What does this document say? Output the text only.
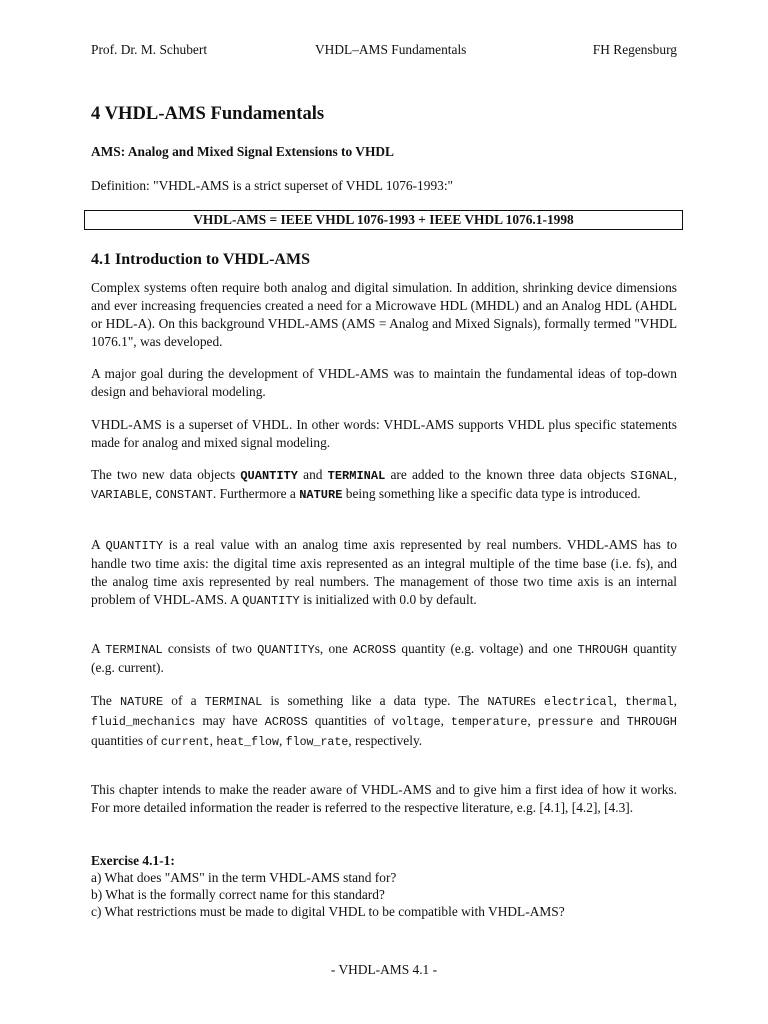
Prof. Dr. M. Schubert	VHDL–AMS Fundamentals	FH Regensburg
4 VHDL-AMS Fundamentals
AMS: Analog and Mixed Signal Extensions to VHDL
Definition: "VHDL-AMS is a strict superset of VHDL 1076-1993:"
VHDL-AMS = IEEE VHDL 1076-1993 + IEEE VHDL 1076.1-1998
4.1 Introduction to VHDL-AMS

Complex systems often require both analog and digital simulation. In addition, shrinking device dimensions and ever increasing frequencies created a need for a Microwave HDL (MHDL) and an Analog HDL (AHDL or HDL-A). On this background VHDL-AMS (AMS = Analog and Mixed Signals), formally termed "VHDL 1076.1", was developed.

A major goal during the development of VHDL-AMS was to maintain the fundamental ideas of top-down design and behavioral modeling.

VHDL-AMS is a superset of VHDL. In other words: VHDL-AMS supports VHDL plus specific statements made for analog and mixed signal modeling.

The two new data objects QUANTITY and TERMINAL are added to the known three data objects SIGNAL, VARIABLE, CONSTANT. Furthermore a NATURE being something like a specific data type is introduced.

A QUANTITY is a real value with an analog time axis represented by real numbers. VHDL-AMS has to handle two time axis: the digital time axis represented as an integral multiple of the time base (i.e. fs), and the analog time axis represented by real numbers. The management of those two time axis is an internal problem of VHDL-AMS. A QUANTITY is initialized with 0.0 by default.

A TERMINAL consists of two QUANTITYs, one ACROSS quantity (e.g. voltage) and one THROUGH quantity (e.g. current).

The NATURE of a TERMINAL is something like a data type. The NATUREs electrical, thermal, fluid_mechanics may have ACROSS quantities of voltage, temperature, pressure and THROUGH quantities of current, heat_flow, flow_rate, respectively.

This chapter intends to make the reader aware of VHDL-AMS and to give him a first idea of how it works. For more detailed information the reader is referred to the respective literature, e.g. [4.1], [4.2], [4.3].

Exercise 4.1-1:
a) What does "AMS" in the term VHDL-AMS stand for?
b) What is the formally correct name for this standard?
c) What restrictions must be made to digital VHDL to be compatible with VHDL-AMS?
- VHDL-AMS 4.1 -
